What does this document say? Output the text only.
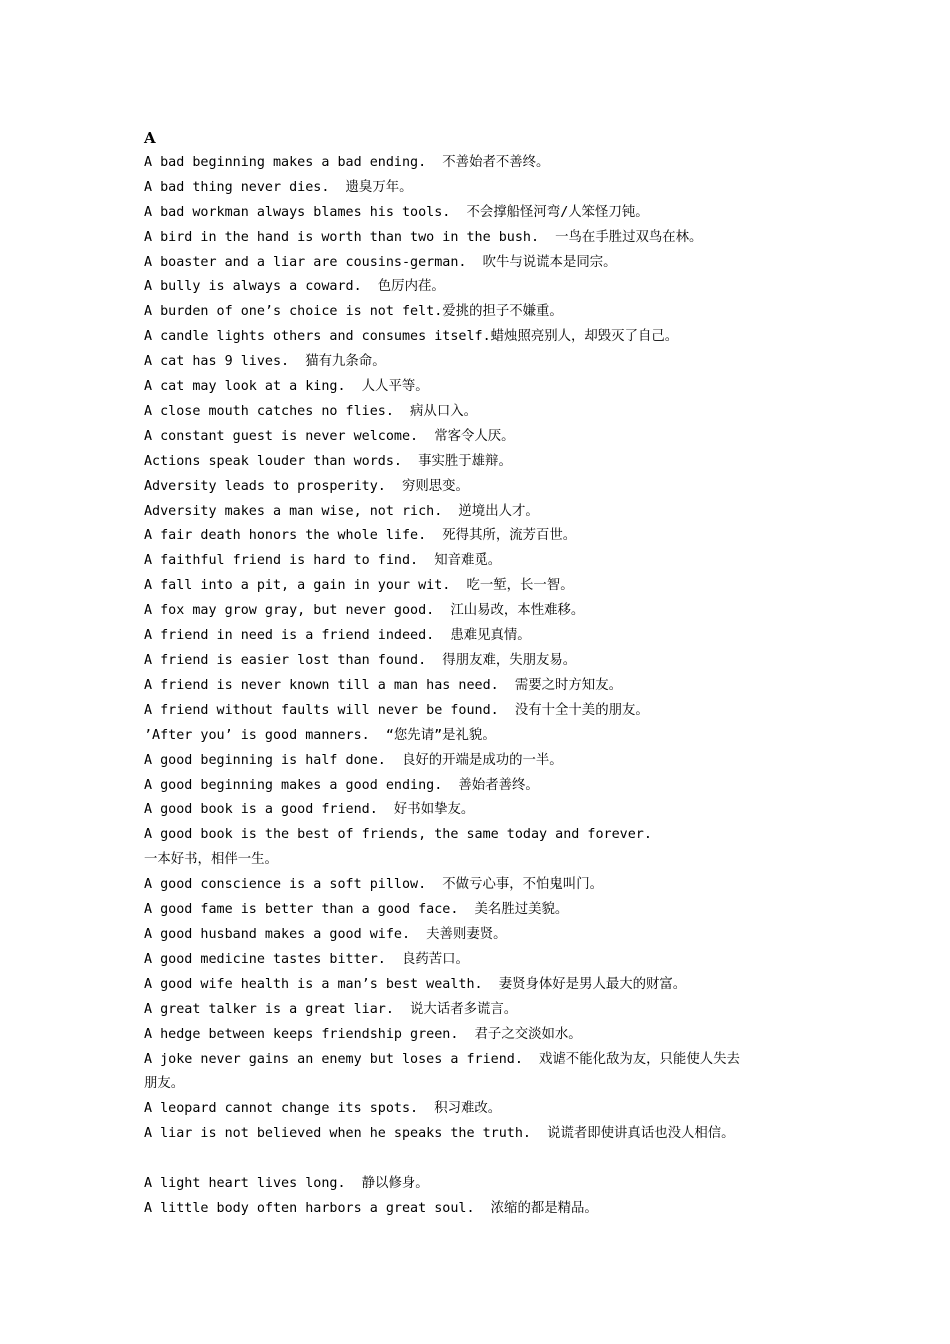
A
A bad beginning makes a bad ending.  不善始者不善终。
A bad thing never dies.  遗臭万年。
A bad workman always blames his tools.  不会撑船怪河弯/人笨怪刀钝。
A bird in the hand is worth than two in the bush.  一鸟在手胜过双鸟在林。
A boaster and a liar are cousins-german.  吹牛与说谎本是同宗。
A bully is always a coward.  色厉内荏。
A burden of one’s choice is not felt.爱挑的担子不嫌重。
A candle lights others and consumes itself.蜡烛照亮别人，却毁灭了自己。
A cat has 9 lives.  猫有九条命。
A cat may look at a king.  人人平等。
A close mouth catches no flies.  病从口入。
A constant guest is never welcome.  常客令人厌。
Actions speak louder than words.  事实胜于雄辩。
Adversity leads to prosperity.  穷则思变。
Adversity makes a man wise, not rich.  逆境出人才。
A fair death honors the whole life.  死得其所，流芳百世。
A faithful friend is hard to find.  知音难觅。
A fall into a pit, a gain in your wit.  吃一堑，长一智。
A fox may grow gray, but never good.  江山易改，本性难移。
A friend in need is a friend indeed.  患难见真情。
A friend is easier lost than found.  得朋友难，失朋友易。
A friend is never known till a man has need.  需要之时方知友。
A friend without faults will never be found.  没有十全十美的朋友。
’After you’ is good manners.  “您先请”是礼貌。
A good beginning is half done.  良好的开端是成功的一半。
A good beginning makes a good ending.  善始者善终。
A good book is a good friend.  好书如挚友。
A good book is the best of friends, the same today and forever.
一本好书，相伴一生。
A good conscience is a soft pillow.  不做亏心事，不怕鬼叫门。
A good fame is better than a good face.  美名胜过美貌。
A good husband makes a good wife.  夫善则妻贤。
A good medicine tastes bitter.  良药苦口。
A good wife health is a man’s best wealth.  妻贤身体好是男人最大的财富。
A great talker is a great liar.  说大话者多谎言。
A hedge between keeps friendship green.  君子之交淡如水。
A joke never gains an enemy but loses a friend.  戏谑不能化敌为友，只能使人失去
朋友。
A leopard cannot change its spots.  积习难改。
A liar is not believed when he speaks the truth.  说谎者即使讲真话也没人相信。
A light heart lives long.  静以修身。
A little body often harbors a great soul.  浓缩的都是精品。
